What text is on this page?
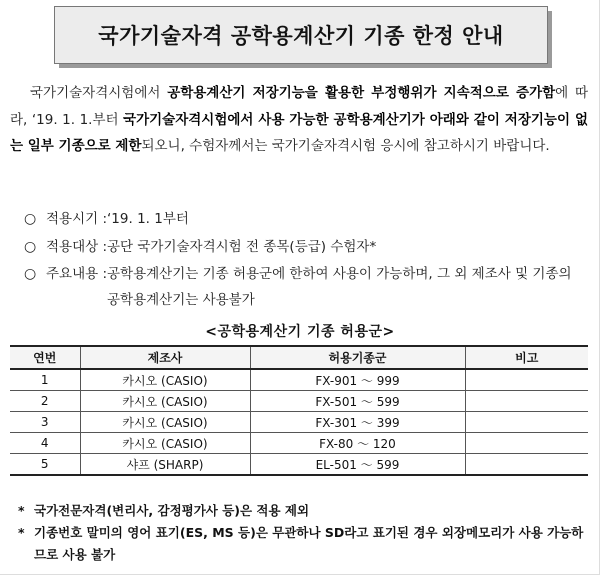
국가기술자격 공학용계산기 기종 한정 안내
국가기술자격시험에서 공학용계산기 저장기능을 활용한 부정행위가 지속적으로 증가함에 따라, ‘19. 1. 1.부터 국가기술자격시험에서 사용 가능한 공학용계산기가 아래와 같이 저장기능이 없는 일부 기종으로 제한되오니, 수험자께서는 국가기술자격시험 응시에 참고하시기 바랍니다.
○ 적용시기 : ‘19. 1. 1부터
○ 적용대상 : 공단 국가기술자격시험 전 종목(등급) 수험자*
○ 주요내용 : 공학용계산기는 기종 허용군에 한하여 사용이 가능하며, 그 외 제조사 및 기종의 공학용계산기는 사용불가
<공학용계산기 기종 허용군>
연번	제조사	허용기종군	비고
1	카시오 (CASIO)	FX-901 ～ 999	
2	카시오 (CASIO)	FX-501 ～ 599	
3	카시오 (CASIO)	FX-301 ～ 399	
4	카시오 (CASIO)	FX-80 ～ 120	
5	샤프 (SHARP)	EL-501 ～ 599	
* 국가전문자격(변리사, 감정평가사 등)은 적용 제외
* 기종번호 말미의 영어 표기(ES, MS 등)은 무관하나 SD라고 표기된 경우 외장메모리가 사용 가능하므로 사용 불가
